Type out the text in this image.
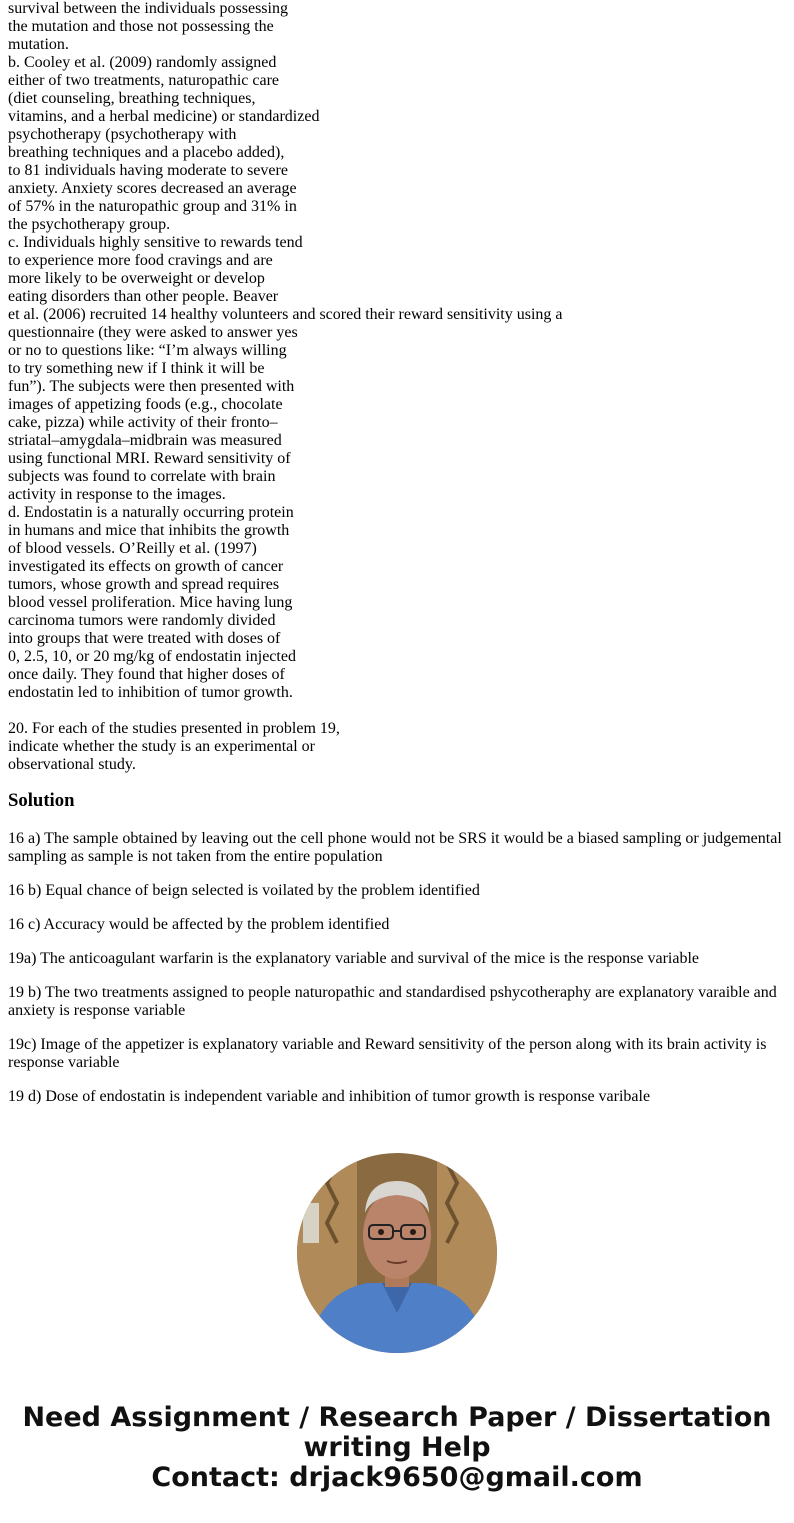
survival between the individuals possessing
the mutation and those not possessing the
mutation.
b. Cooley et al. (2009) randomly assigned
either of two treatments, naturopathic care
(diet counseling, breathing techniques,
vitamins, and a herbal medicine) or standardized
psychotherapy (psychotherapy with
breathing techniques and a placebo added),
to 81 individuals having moderate to severe
anxiety. Anxiety scores decreased an average
of 57% in the naturopathic group and 31% in
the psychotherapy group.
c. Individuals highly sensitive to rewards tend
to experience more food cravings and are
more likely to be overweight or develop
eating disorders than other people. Beaver
et al. (2006) recruited 14 healthy volunteers and scored their reward sensitivity using a
questionnaire (they were asked to answer yes
or no to questions like: “I’m always willing
to try something new if I think it will be
fun”). The subjects were then presented with
images of appetizing foods (e.g., chocolate
cake, pizza) while activity of their fronto–
striatal–amygdala–midbrain was measured
using functional MRI. Reward sensitivity of
subjects was found to correlate with brain
activity in response to the images.
d. Endostatin is a naturally occurring protein
in humans and mice that inhibits the growth
of blood vessels. O’Reilly et al. (1997)
investigated its effects on growth of cancer
tumors, whose growth and spread requires
blood vessel proliferation. Mice having lung
carcinoma tumors were randomly divided
into groups that were treated with doses of
0, 2.5, 10, or 20 mg/kg of endostatin injected
once daily. They found that higher doses of
endostatin led to inhibition of tumor growth.
20. For each of the studies presented in problem 19,
indicate whether the study is an experimental or
observational study.
Solution

16 a) The sample obtained by leaving out the cell phone would not be SRS it would be a biased sampling or judgemental sampling as sample is not taken from the entire population

16 b) Equal chance of beign selected is voilated by the problem identified

16 c) Accuracy would be affected by the problem identified

19a) The anticoagulant warfarin is the explanatory variable and survival of the mice is the response variable

19 b) The two treatments assigned to people naturopathic and standardised pshycotheraphy are explanatory varaible and anxiety is response variable

19c) Image of the appetizer is explanatory variable and Reward sensitivity of the person along with its brain activity is response variable

19 d) Dose of endostatin is independent variable and inhibition of tumor growth is response varibale

Need Assignment / Research Paper / Dissertation
writing Help
Contact: drjack9650@gmail.com
